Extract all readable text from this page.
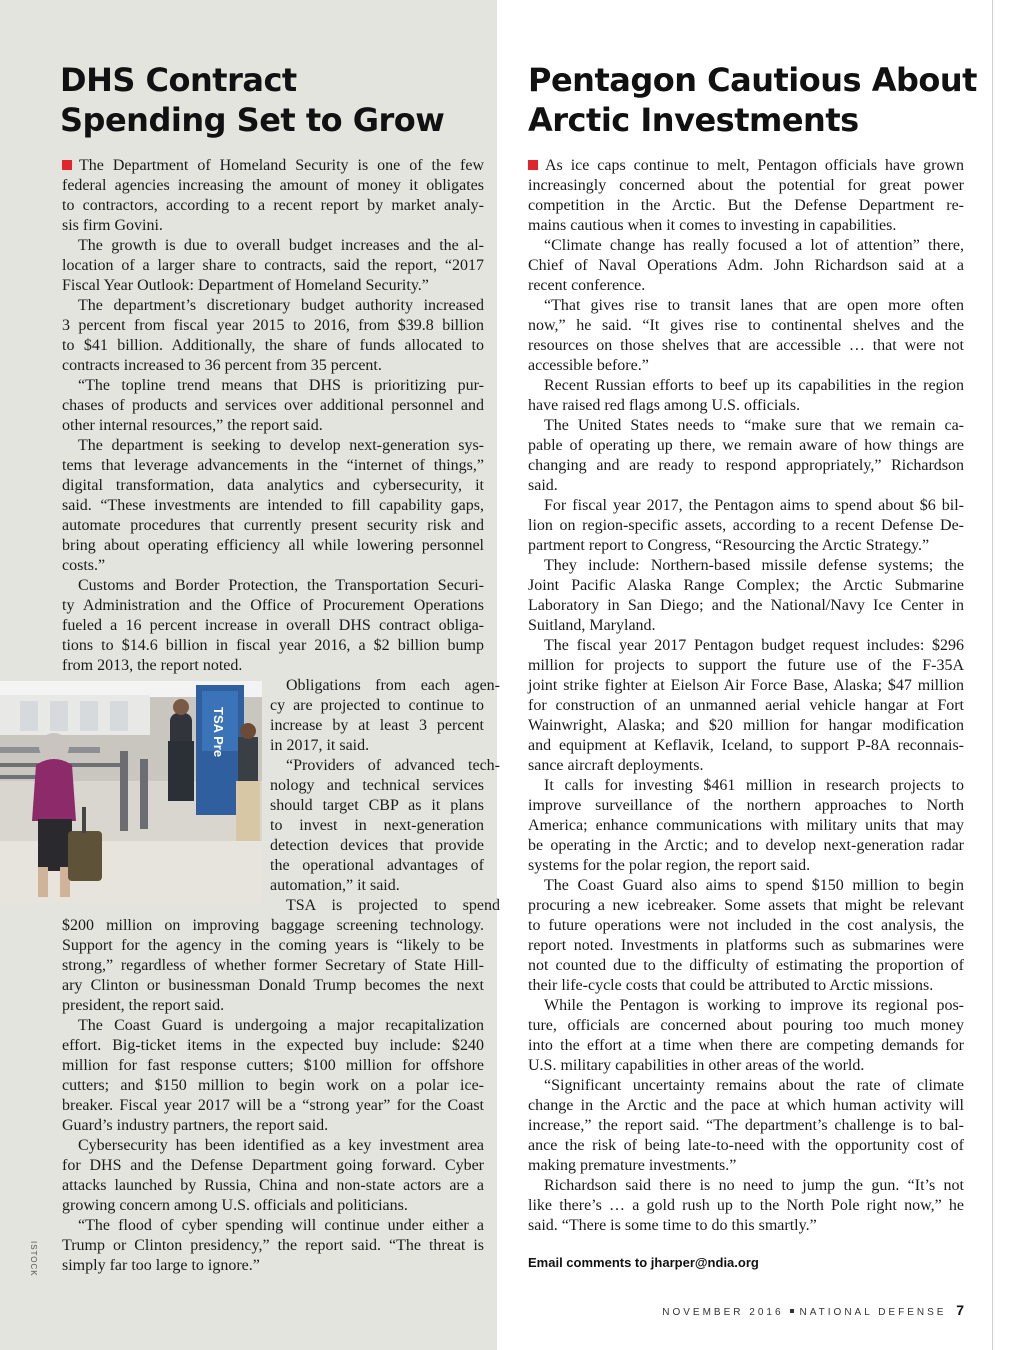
DHS Contract
Spending Set to Grow
Pentagon Cautious About
Arctic Investments
The Department of Homeland Security is one of the few
federal agencies increasing the amount of money it obligates
to contractors, according to a recent report by market analy-
sis firm Govini.
The growth is due to overall budget increases and the al-
location of a larger share to contracts, said the report, “2017
Fiscal Year Outlook: Department of Homeland Security.”
The department’s discretionary budget authority increased
3 percent from fiscal year 2015 to 2016, from $39.8 billion
to $41 billion. Additionally, the share of funds allocated to
contracts increased to 36 percent from 35 percent.
“The topline trend means that DHS is prioritizing pur-
chases of products and services over additional personnel and
other internal resources,” the report said.
The department is seeking to develop next-generation sys-
tems that leverage advancements in the “internet of things,”
digital transformation, data analytics and cybersecurity, it
said. “These investments are intended to fill capability gaps,
automate procedures that currently present security risk and
bring about operating efficiency all while lowering personnel
costs.”
Customs and Border Protection, the Transportation Securi-
ty Administration and the Office of Procurement Operations
fueled a 16 percent increase in overall DHS contract obliga-
tions to $14.6 billion in fiscal year 2016, a $2 billion bump
from 2013, the report noted.
Obligations from each agen-
cy are projected to continue to
increase by at least 3 percent
in 2017, it said.
“Providers of advanced tech-
nology and technical services
should target CBP as it plans
to invest in next-generation
detection devices that provide
the operational advantages of
automation,” it said.
TSA is projected to spend
$200 million on improving baggage screening technology.
Support for the agency in the coming years is “likely to be
strong,” regardless of whether former Secretary of State Hill-
ary Clinton or businessman Donald Trump becomes the next
president, the report said.
The Coast Guard is undergoing a major recapitalization
effort. Big-ticket items in the expected buy include: $240
million for fast response cutters; $100 million for offshore
cutters; and $150 million to begin work on a polar ice-
breaker. Fiscal year 2017 will be a “strong year” for the Coast
Guard’s industry partners, the report said.
Cybersecurity has been identified as a key investment area
for DHS and the Defense Department going forward. Cyber
attacks launched by Russia, China and non-state actors are a
growing concern among U.S. officials and politicians.
“The flood of cyber spending will continue under either a
Trump or Clinton presidency,” the report said. “The threat is
simply far too large to ignore.”
TSA Pre
ISTOCK
As ice caps continue to melt, Pentagon officials have grown
increasingly concerned about the potential for great power
competition in the Arctic. But the Defense Department re-
mains cautious when it comes to investing in capabilities.
“Climate change has really focused a lot of attention” there,
Chief of Naval Operations Adm. John Richardson said at a
recent conference.
“That gives rise to transit lanes that are open more often
now,” he said. “It gives rise to continental shelves and the
resources on those shelves that are accessible … that were not
accessible before.”
Recent Russian efforts to beef up its capabilities in the region
have raised red flags among U.S. officials.
The United States needs to “make sure that we remain ca-
pable of operating up there, we remain aware of how things are
changing and are ready to respond appropriately,” Richardson
said.
For fiscal year 2017, the Pentagon aims to spend about $6 bil-
lion on region-specific assets, according to a recent Defense De-
partment report to Congress, “Resourcing the Arctic Strategy.”
They include: Northern-based missile defense systems; the
Joint Pacific Alaska Range Complex; the Arctic Submarine
Laboratory in San Diego; and the National/Navy Ice Center in
Suitland, Maryland.
The fiscal year 2017 Pentagon budget request includes: $296
million for projects to support the future use of the F-35A
joint strike fighter at Eielson Air Force Base, Alaska; $47 million
for construction of an unmanned aerial vehicle hangar at Fort
Wainwright, Alaska; and $20 million for hangar modification
and equipment at Keflavik, Iceland, to support P-8A reconnais-
sance aircraft deployments.
It calls for investing $461 million in research projects to
improve surveillance of the northern approaches to North
America; enhance communications with military units that may
be operating in the Arctic; and to develop next-generation radar
systems for the polar region, the report said.
The Coast Guard also aims to spend $150 million to begin
procuring a new icebreaker. Some assets that might be relevant
to future operations were not included in the cost analysis, the
report noted. Investments in platforms such as submarines were
not counted due to the difficulty of estimating the proportion of
their life-cycle costs that could be attributed to Arctic missions.
While the Pentagon is working to improve its regional pos-
ture, officials are concerned about pouring too much money
into the effort at a time when there are competing demands for
U.S. military capabilities in other areas of the world.
“Significant uncertainty remains about the rate of climate
change in the Arctic and the pace at which human activity will
increase,” the report said. “The department’s challenge is to bal-
ance the risk of being late-to-need with the opportunity cost of
making premature investments.”
Richardson said there is no need to jump the gun. “It’s not
like there’s … a gold rush up to the North Pole right now,” he
said. “There is some time to do this smartly.”
Email comments to jharper@ndia.org
NOVEMBER 2016 NATIONAL DEFENSE 7
